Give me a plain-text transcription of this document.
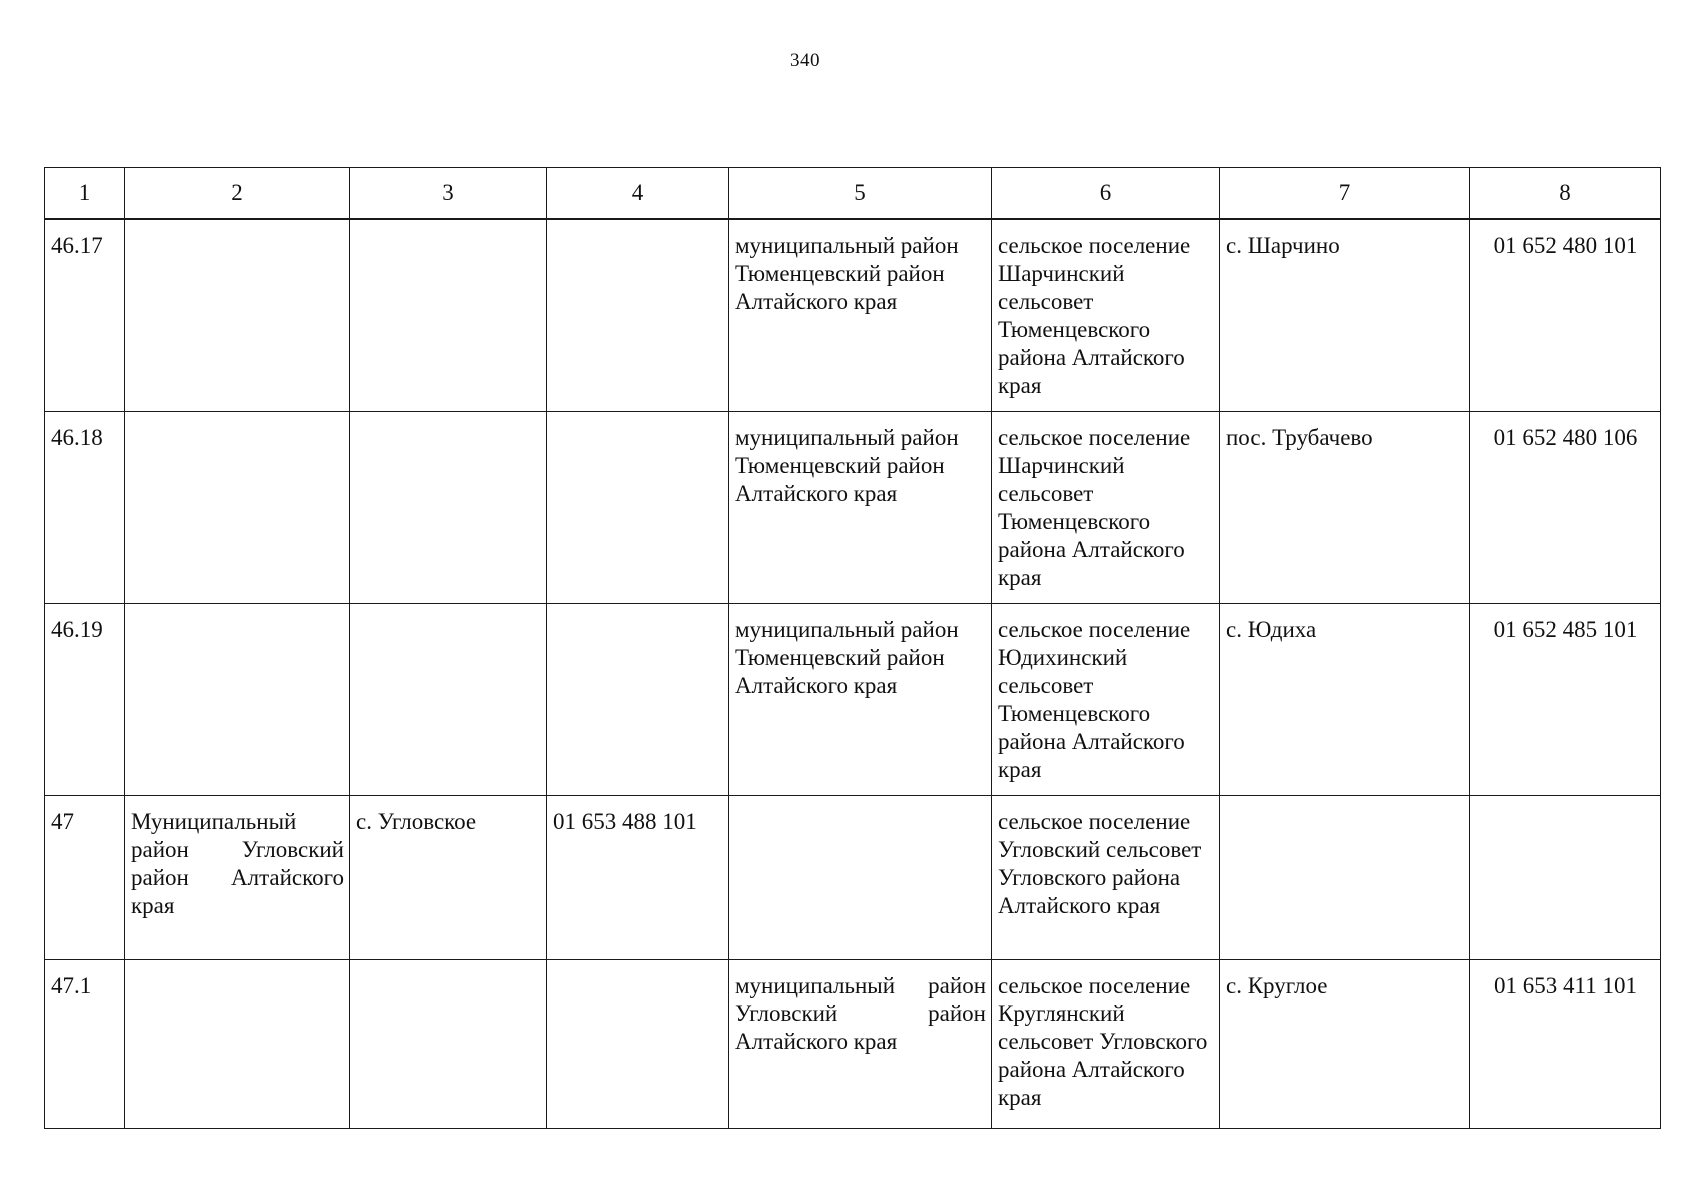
340
1	2	3	4	5	6	7	8
46.17				муниципальный район Тюменцевский район Алтайского края	сельское поселение Шарчинский сельсовет Тюменцевского района Алтайского края	с. Шарчино	01 652 480 101
46.18				муниципальный район Тюменцевский район Алтайского края	сельское поселение Шарчинский сельсовет Тюменцевского района Алтайского края	пос. Трубачево	01 652 480 106
46.19				муниципальный район Тюменцевский район Алтайского края	сельское поселение Юдихинский сельсовет Тюменцевского района Алтайского края	с. Юдиха	01 652 485 101
47	Муниципальный район Угловский район Алтайского края	с. Угловское	01 653 488 101		сельское поселение Угловский сельсовет Угловского района Алтайского края		
47.1				муниципальный район Угловский район Алтайского края	сельское поселение Круглянский сельсовет Угловского района Алтайского края	с. Круглое	01 653 411 101
